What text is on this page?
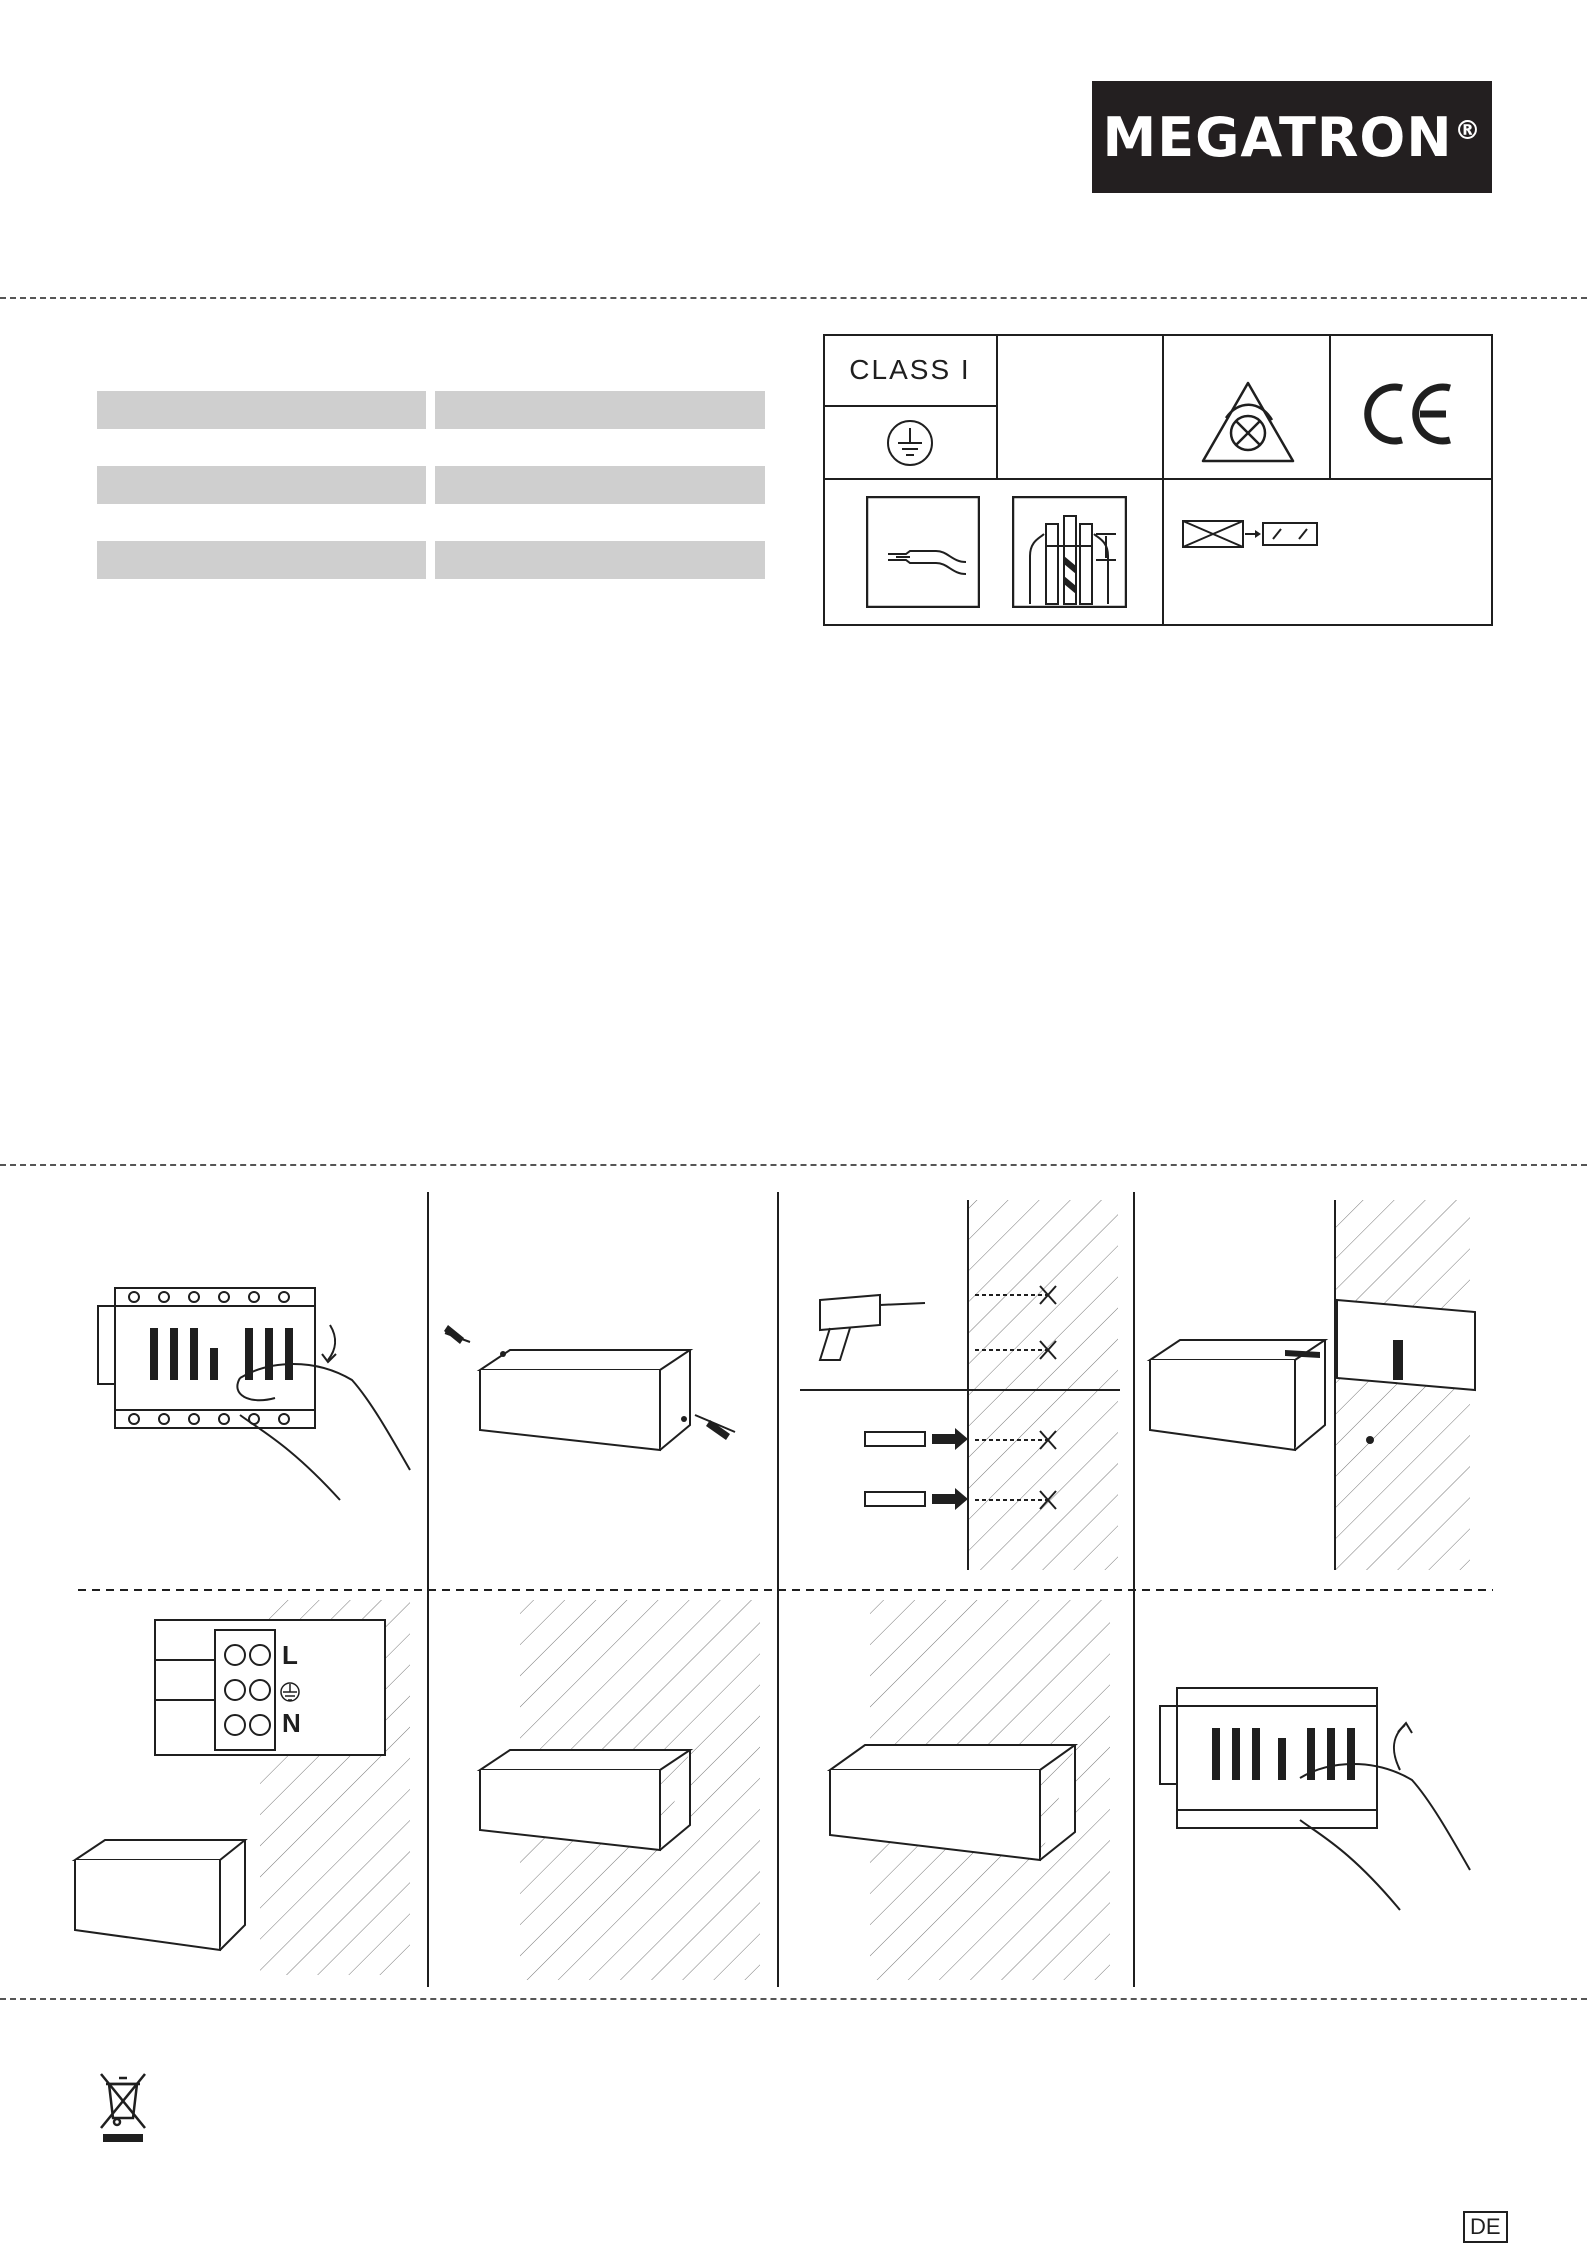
MEGATRON®
CLASS I
L
N
DE
